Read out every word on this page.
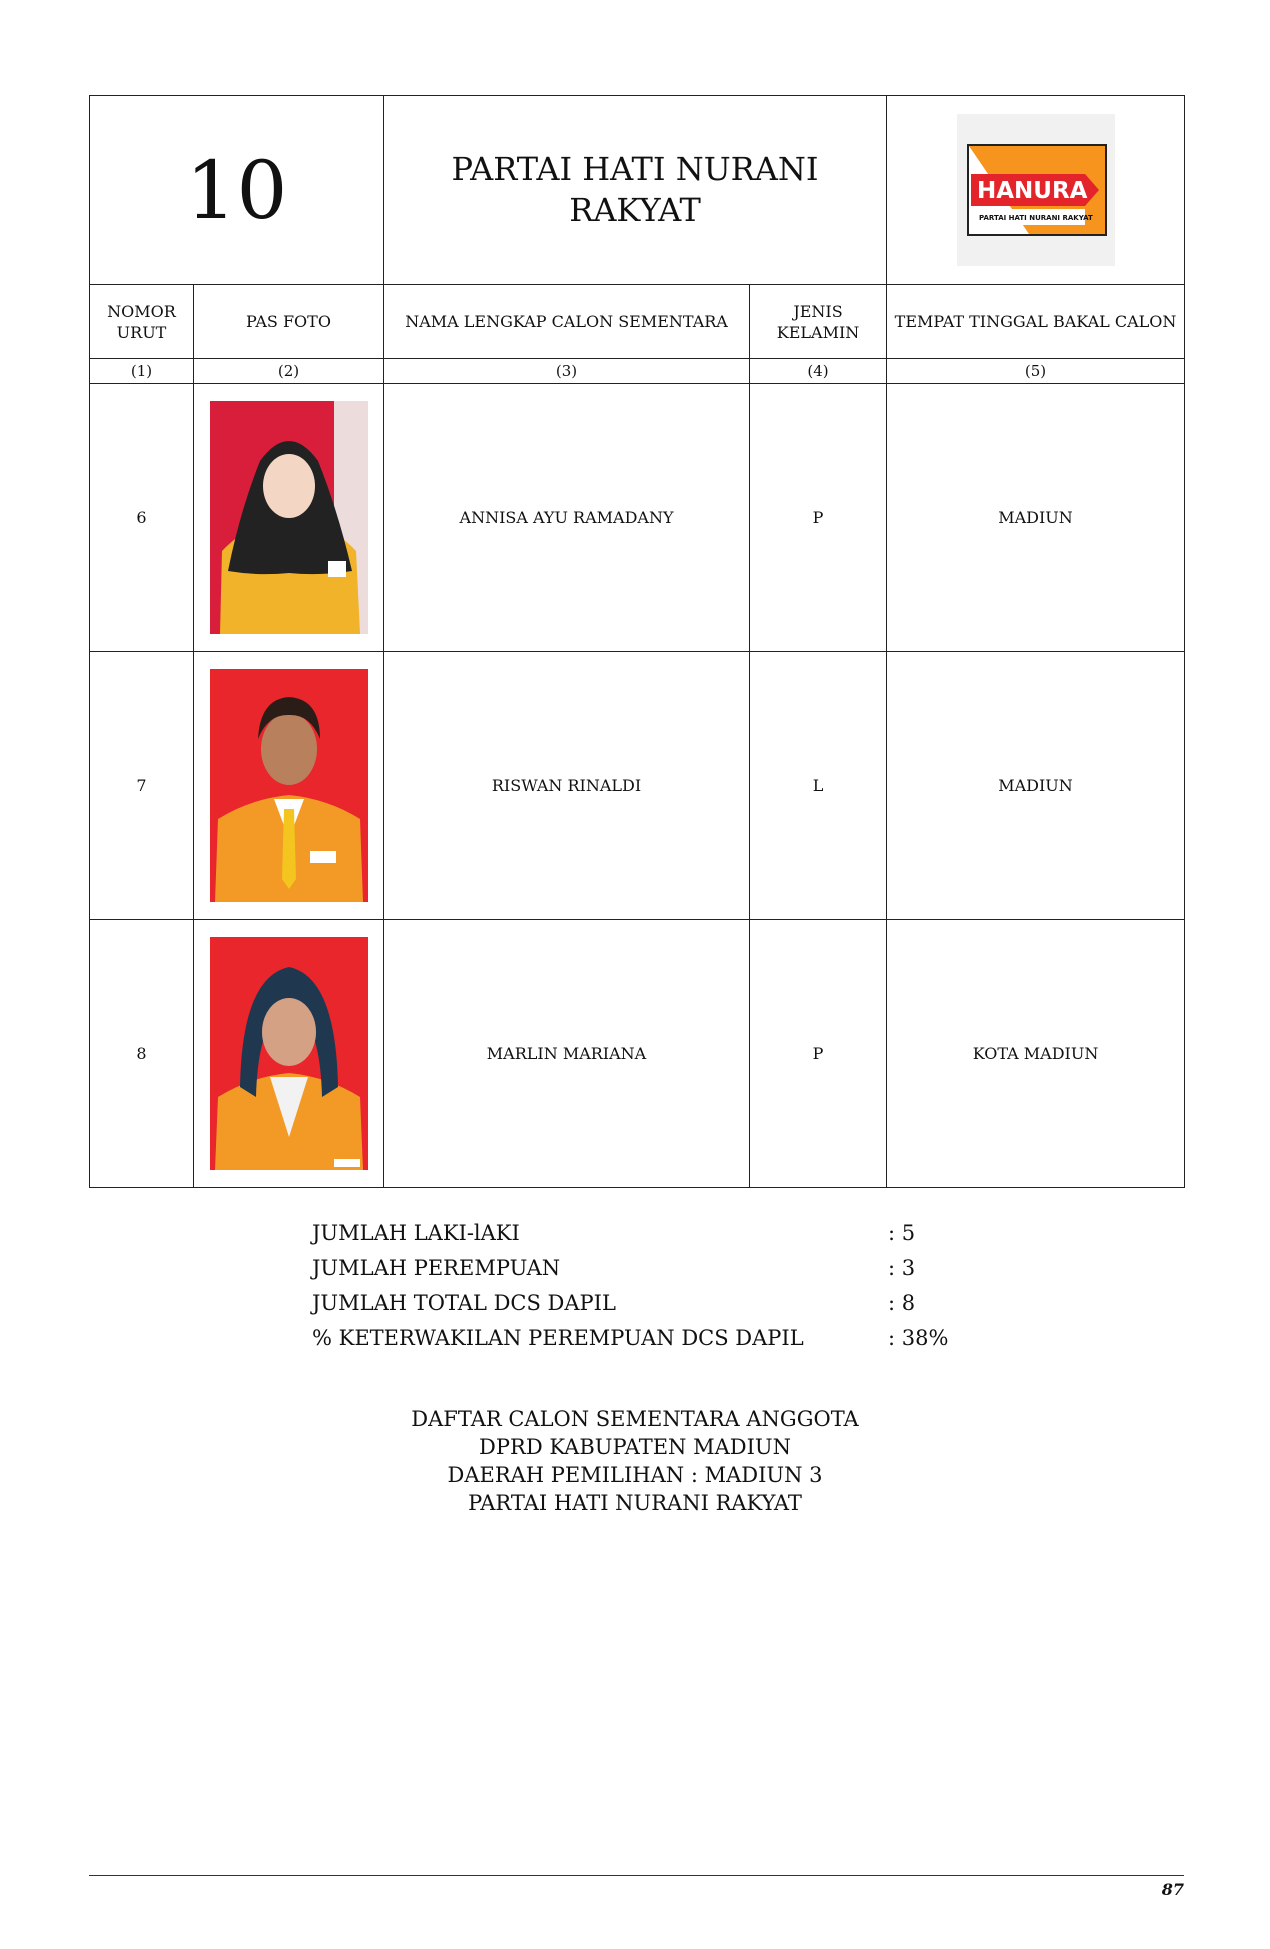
10		PARTAI HATI NURANI RAKYAT		HANURA
PARTAI HATI NURANI RAKYAT

NOMOR URUT	PAS FOTO	NAMA LENGKAP CALON SEMENTARA	JENIS KELAMIN	TEMPAT TINGGAL BAKAL CALON
(1)	(2)	(3)	(4)	(5)
6		ANNISA AYU RAMADANY	P	MADIUN
7		RISWAN RINALDI	L	MADIUN
8		MARLIN MARIANA	P	KOTA MADIUN
JUMLAH LAKI-lAKI	: 5
JUMLAH PEREMPUAN	: 3
JUMLAH TOTAL DCS DAPIL	: 8
% KETERWAKILAN PEREMPUAN DCS DAPIL	: 38%
DAFTAR CALON SEMENTARA ANGGOTA
DPRD KABUPATEN MADIUN
DAERAH PEMILIHAN : MADIUN 3
PARTAI HATI NURANI RAKYAT
87
